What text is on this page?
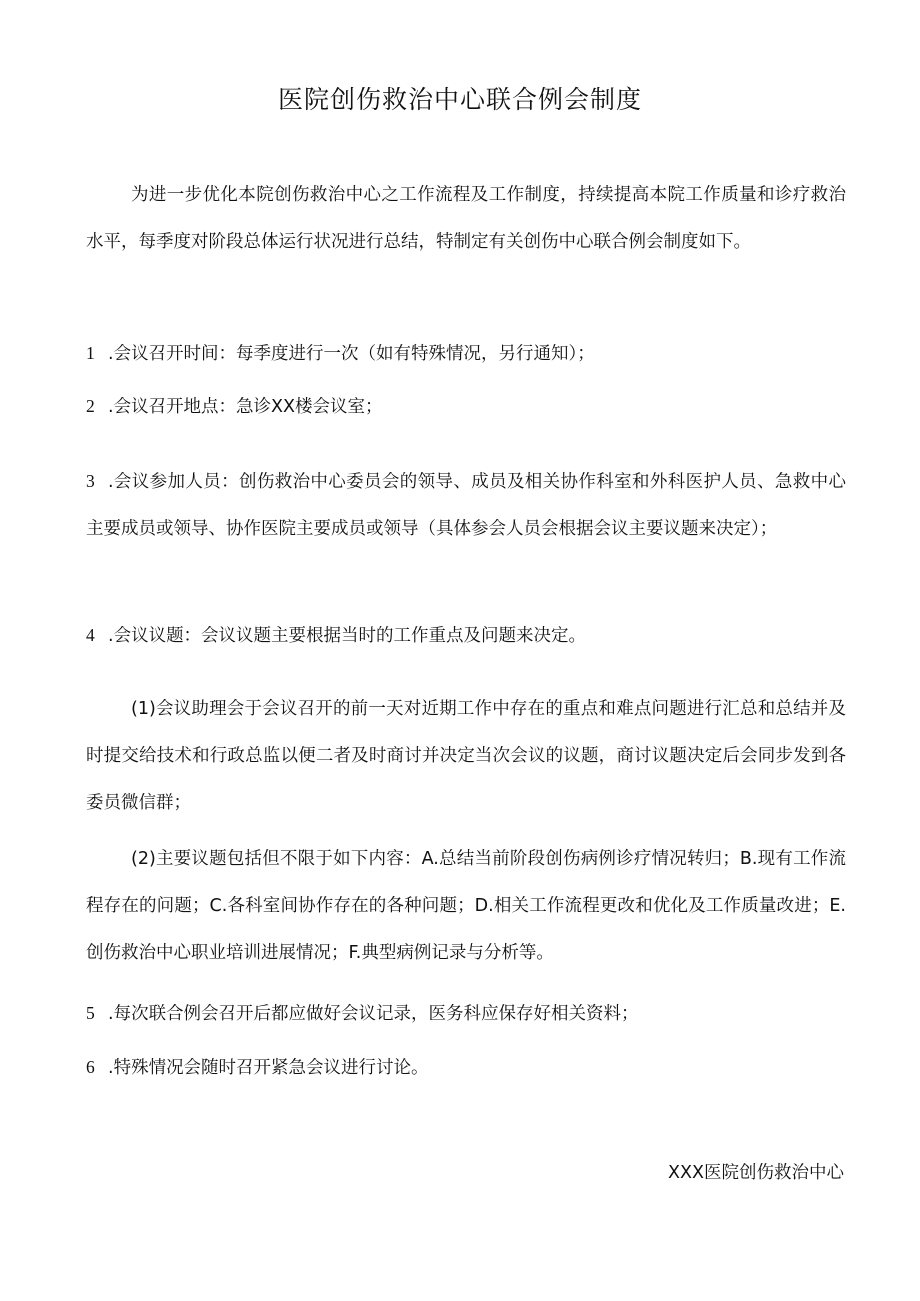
医院创伤救治中心联合例会制度

为进一步优化本院创伤救治中心之工作流程及工作制度，持续提高本院工作质量和诊疗救治水平，每季度对阶段总体运行状况进行总结，特制定有关创伤中心联合例会制度如下。

1 .会议召开时间：每季度进行一次（如有特殊情况，另行通知）；

2 .会议召开地点：急诊XX楼会议室；

3 .会议参加人员：创伤救治中心委员会的领导、成员及相关协作科室和外科医护人员、急救中心主要成员或领导、协作医院主要成员或领导（具体参会人员会根据会议主要议题来决定）；

4 .会议议题：会议议题主要根据当时的工作重点及问题来决定。

(1)会议助理会于会议召开的前一天对近期工作中存在的重点和难点问题进行汇总和总结并及时提交给技术和行政总监以便二者及时商讨并决定当次会议的议题，商讨议题决定后会同步发到各委员微信群；

(2)主要议题包括但不限于如下内容：A.总结当前阶段创伤病例诊疗情况转归；B.现有工作流程存在的问题；C.各科室间协作存在的各种问题；D.相关工作流程更改和优化及工作质量改进；E.创伤救治中心职业培训进展情况；F.典型病例记录与分析等。

5 .每次联合例会召开后都应做好会议记录，医务科应保存好相关资料；

6 .特殊情况会随时召开紧急会议进行讨论。

XXX医院创伤救治中心
